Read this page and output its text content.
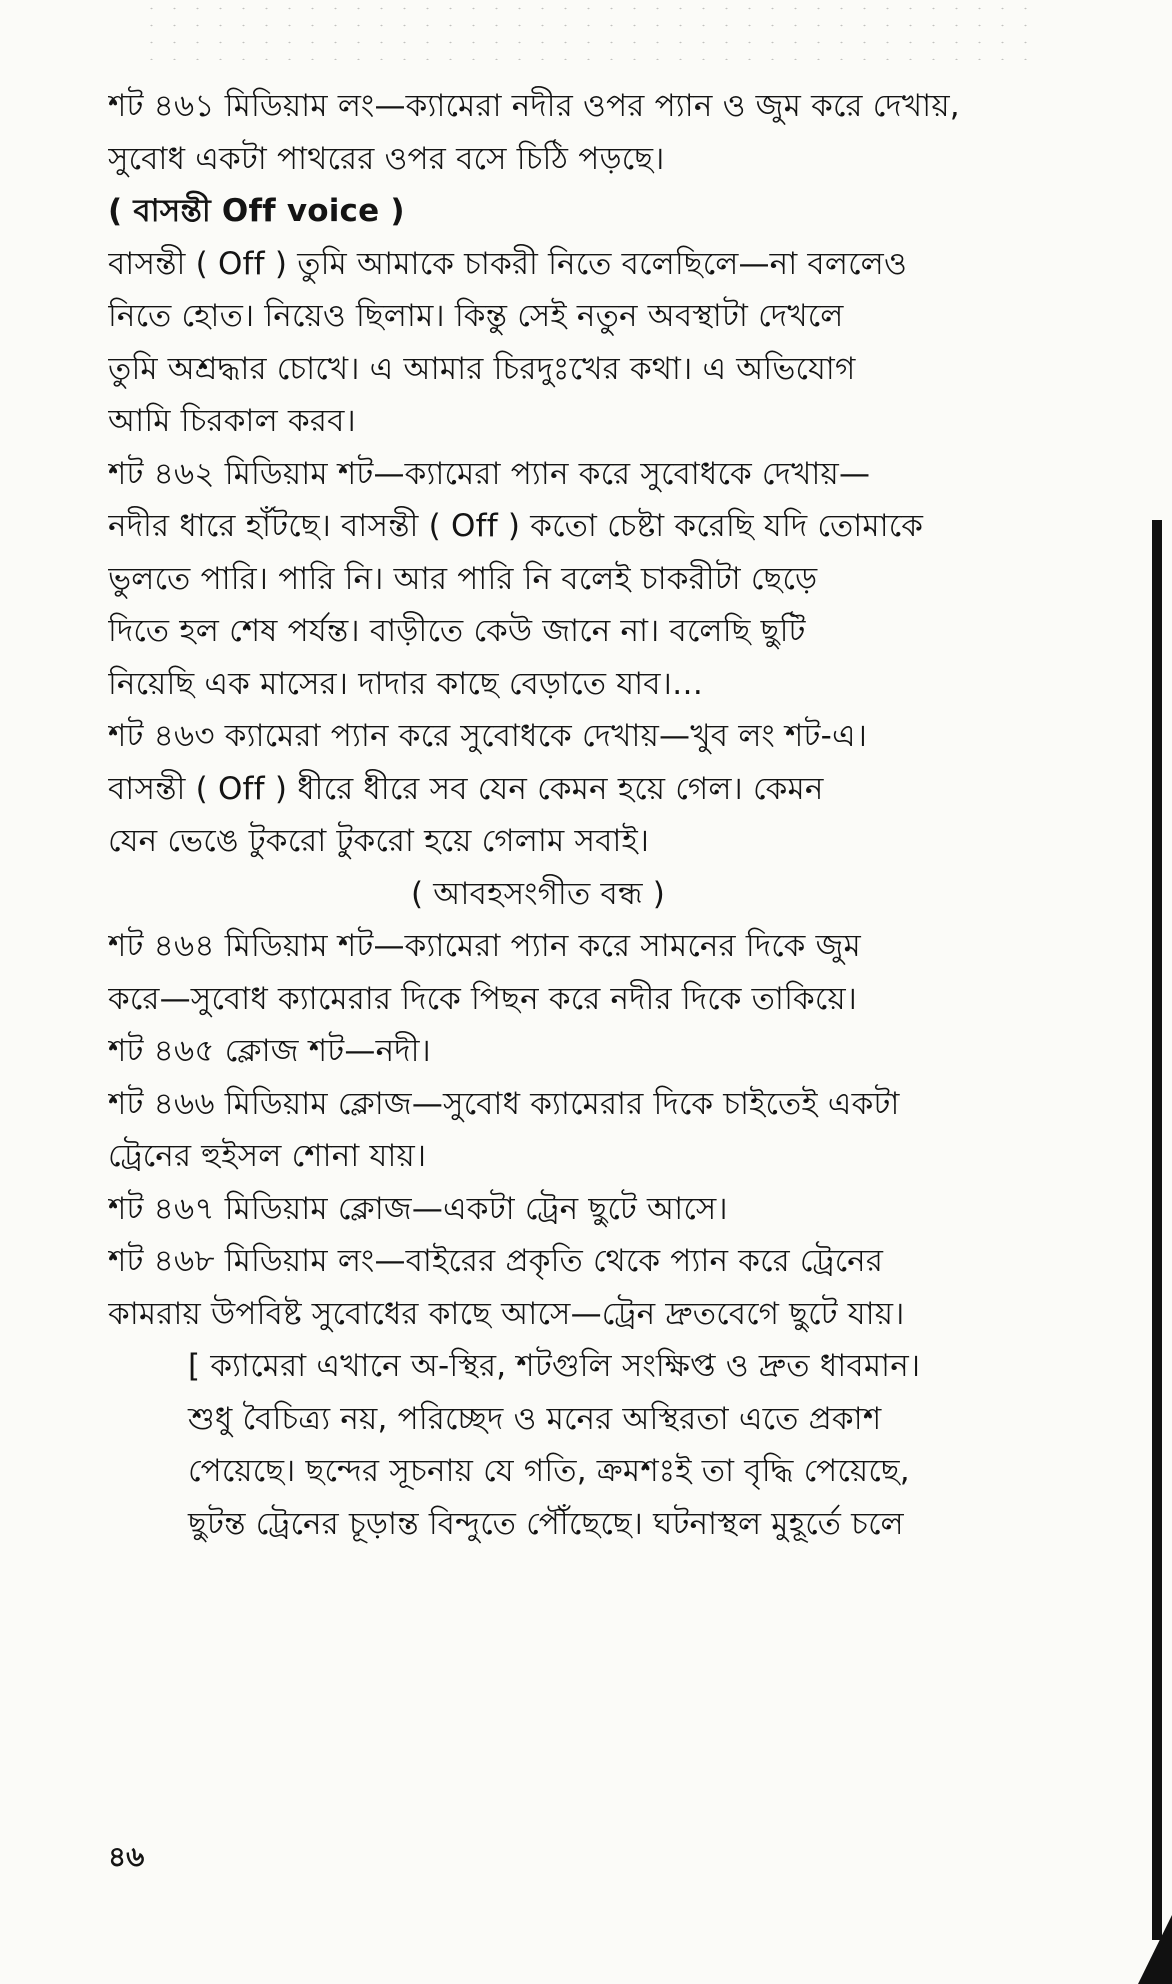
শট ৪৬১ মিডিয়াম লং—ক্যামেরা নদীর ওপর প্যান ও জুম করে দেখায়,
সুবোধ একটা পাথরের ওপর বসে চিঠি পড়ছে।
( বাসন্তী Off voice )
বাসন্তী ( Off ) তুমি আমাকে চাকরী নিতে বলেছিলে—না বললেও
নিতে হোত। নিয়েও ছিলাম। কিন্তু সেই নতুন অবস্থাটা দেখলে
তুমি অশ্রদ্ধার চোখে। এ আমার চিরদুঃখের কথা। এ অভিযোগ
আমি চিরকাল করব।
শট ৪৬২ মিডিয়াম শট—ক্যামেরা প্যান করে সুবোধকে দেখায়—
নদীর ধারে হাঁটছে। বাসন্তী ( Off ) কতো চেষ্টা করেছি যদি তোমাকে
ভুলতে পারি। পারি নি। আর পারি নি বলেই চাকরীটা ছেড়ে
দিতে হল শেষ পর্যন্ত। বাড়ীতে কেউ জানে না। বলেছি ছুটি
নিয়েছি এক মাসের। দাদার কাছে বেড়াতে যাব।…
শট ৪৬৩ ক্যামেরা প্যান করে সুবোধকে দেখায়—খুব লং শট-এ।
বাসন্তী ( Off ) ধীরে ধীরে সব যেন কেমন হয়ে গেল। কেমন
যেন ভেঙে টুকরো টুকরো হয়ে গেলাম সবাই।
( আবহসংগীত বন্ধ )
শট ৪৬৪ মিডিয়াম শট—ক্যামেরা প্যান করে সামনের দিকে জুম
করে—সুবোধ ক্যামেরার দিকে পিছন করে নদীর দিকে তাকিয়ে।
শট ৪৬৫ ক্লোজ শট—নদী।
শট ৪৬৬ মিডিয়াম ক্লোজ—সুবোধ ক্যামেরার দিকে চাইতেই একটা
ট্রেনের হুইসল শোনা যায়।
শট ৪৬৭ মিডিয়াম ক্লোজ—একটা ট্রেন ছুটে আসে।
শট ৪৬৮ মিডিয়াম লং—বাইরের প্রকৃতি থেকে প্যান করে ট্রেনের
কামরায় উপবিষ্ট সুবোধের কাছে আসে—ট্রেন দ্রুতবেগে ছুটে যায়।
[ ক্যামেরা এখানে অ-স্থির, শটগুলি সংক্ষিপ্ত ও দ্রুত ধাবমান।
শুধু বৈচিত্র্য নয়, পরিচ্ছেদ ও মনের অস্থিরতা এতে প্রকাশ
পেয়েছে। ছন্দের সূচনায় যে গতি, ক্রমশঃই তা বৃদ্ধি পেয়েছে,
ছুটন্ত ট্রেনের চূড়ান্ত বিন্দুতে পৌঁছেছে। ঘটনাস্থল মুহূর্তে চলে
৪৬
